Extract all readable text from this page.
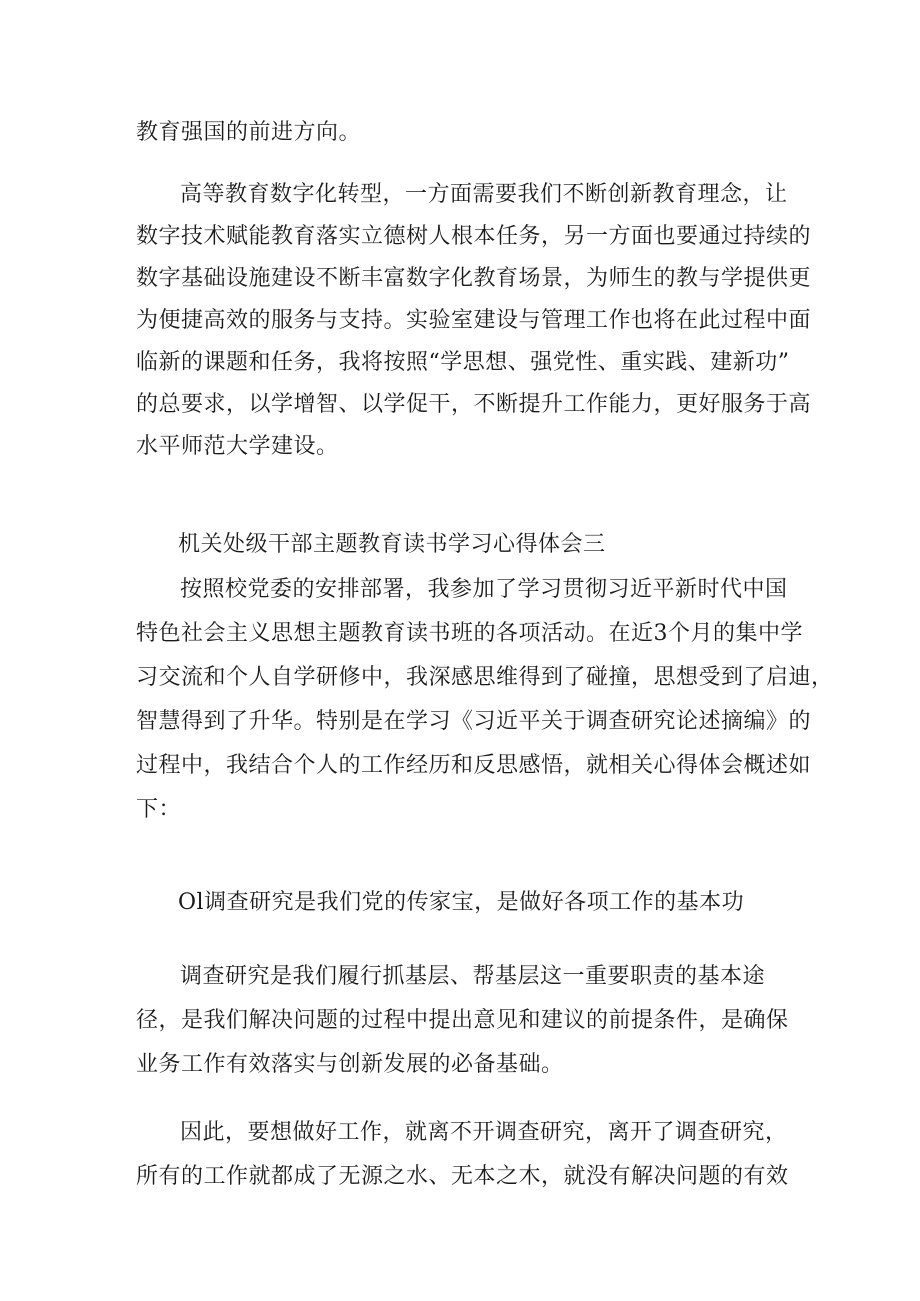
教育强国的前进方向。
高等教育数字化转型，一方面需要我们不断创新教育理念，让
数字技术赋能教育落实立德树人根本任务，另一方面也要通过持续的
数字基础设施建设不断丰富数字化教育场景，为师生的教与学提供更
为便捷高效的服务与支持。实验室建设与管理工作也将在此过程中面
临新的课题和任务，我将按照“学思想、强党性、重实践、建新功”
的总要求，以学增智、以学促干，不断提升工作能力，更好服务于高
水平师范大学建设。
机关处级干部主题教育读书学习心得体会三
按照校党委的安排部署，我参加了学习贯彻习近平新时代中国
特色社会主义思想主题教育读书班的各项活动。在近3个月的集中学
习交流和个人自学研修中，我深感思维得到了碰撞，思想受到了启迪，
智慧得到了升华。特别是在学习《习近平关于调查研究论述摘编》的
过程中，我结合个人的工作经历和反思感悟，就相关心得体会概述如
下：
Ol调查研究是我们党的传家宝，是做好各项工作的基本功
调查研究是我们履行抓基层、帮基层这一重要职责的基本途
径，是我们解决问题的过程中提出意见和建议的前提条件，是确保
业务工作有效落实与创新发展的必备基础。
因此，要想做好工作，就离不开调查研究，离开了调查研究，
所有的工作就都成了无源之水、无本之木，就没有解决问题的有效
